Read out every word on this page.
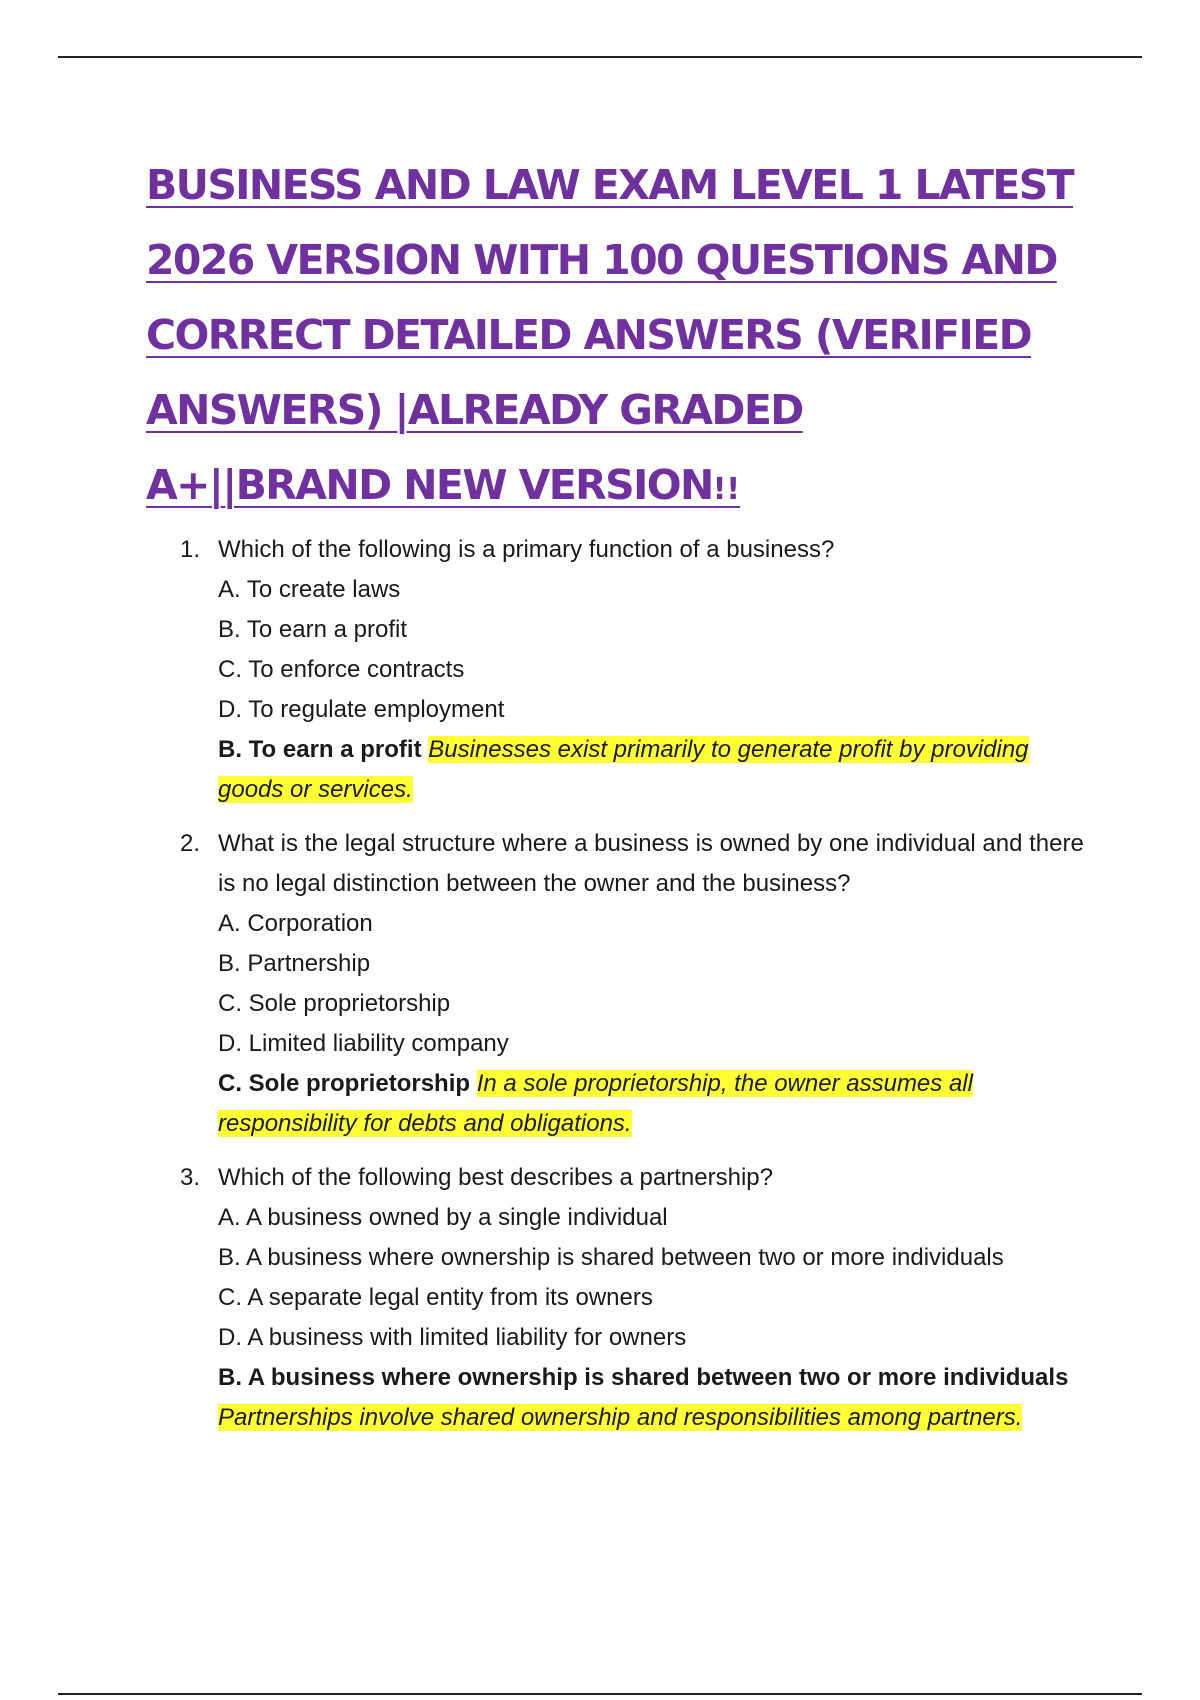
BUSINESS AND LAW EXAM LEVEL 1 LATEST
2026 VERSION WITH 100 QUESTIONS AND
CORRECT DETAILED ANSWERS (VERIFIED
ANSWERS) |ALREADY GRADED
A+||BRAND NEW VERSION!!
1. Which of the following is a primary function of a business?

A. To create laws
B. To earn a profit
C. To enforce contracts
D. To regulate employment

B. To earn a profit Businesses exist primarily to generate profit by providing goods or services.

2. What is the legal structure where a business is owned by one individual and there is no legal distinction between the owner and the business?

A. Corporation
B. Partnership
C. Sole proprietorship
D. Limited liability company

C. Sole proprietorship In a sole proprietorship, the owner assumes all responsibility for debts and obligations.

3. Which of the following best describes a partnership?

A. A business owned by a single individual
B. A business where ownership is shared between two or more individuals
C. A separate legal entity from its owners
D. A business with limited liability for owners

B. A business where ownership is shared between two or more individuals Partnerships involve shared ownership and responsibilities among partners.
